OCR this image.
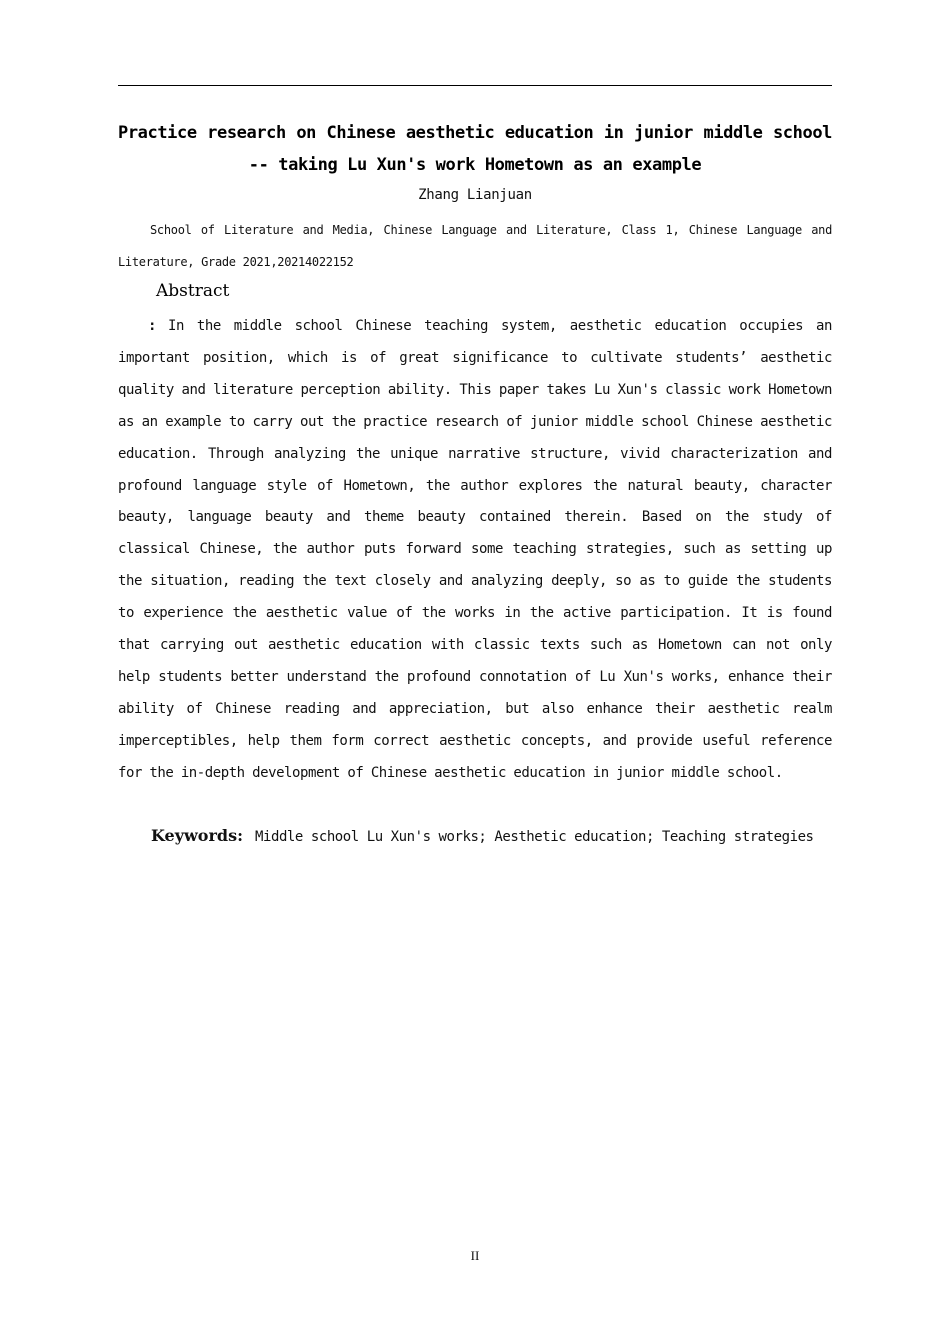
Practice research on Chinese aesthetic education in junior middle school
-- taking Lu Xun's work Hometown as an example
Zhang Lianjuan
School of Literature and Media, Chinese Language and Literature, Class 1, Chinese Language and Literature, Grade 2021,20214022152
Abstract
: In the middle school Chinese teaching system, aesthetic education occupies an important position, which is of great significance to cultivate students’ aesthetic quality and literature perception ability. This paper takes Lu Xun's classic work Hometown as an example to carry out the practice research of junior middle school Chinese aesthetic education. Through analyzing the unique narrative structure, vivid characterization and profound language style of Hometown, the author explores the natural beauty, character beauty, language beauty and theme beauty contained therein. Based on the study of classical Chinese, the author puts forward some teaching strategies, such as setting up the situation, reading the text closely and analyzing deeply, so as to guide the students to experience the aesthetic value of the works in the active participation. It is found that carrying out aesthetic education with classic texts such as Hometown can not only help students better understand the profound connotation of Lu Xun's works, enhance their ability of Chinese reading and appreciation, but also enhance their aesthetic realm imperceptibles, help them form correct aesthetic concepts, and provide useful reference for the in-depth development of Chinese aesthetic education in junior middle school.
Keywords: Middle school Lu Xun's works; Aesthetic education; Teaching strategies
II
